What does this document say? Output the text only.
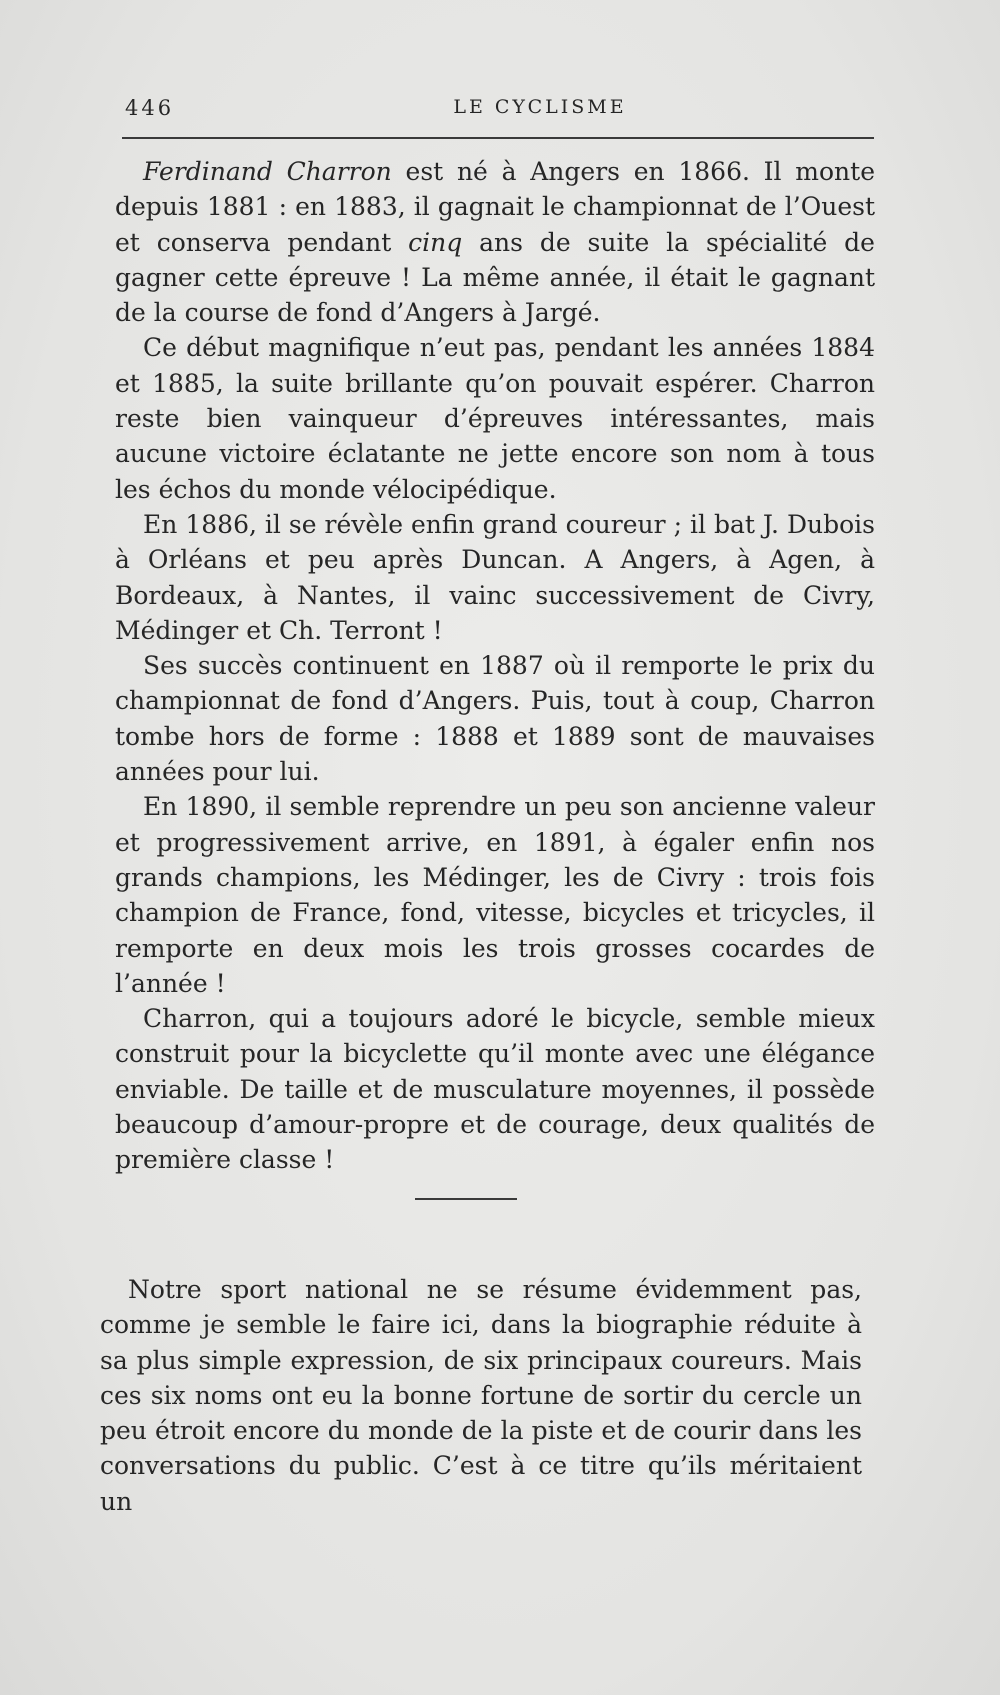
446	LE CYCLISME

Ferdinand Charron est né à Angers en 1866. Il monte depuis 1881 : en 1883, il gagnait le championnat de l’Ouest et conserva pendant cinq ans de suite la spécialité de gagner cette épreuve ! La même année, il était le gagnant de la course de fond d’Angers à Jargé.

Ce début magnifique n’eut pas, pendant les années 1884 et 1885, la suite brillante qu’on pouvait espérer. Charron reste bien vainqueur d’épreuves intéressantes, mais aucune victoire éclatante ne jette encore son nom à tous les échos du monde vélocipédique.

En 1886, il se révèle enfin grand coureur ; il bat J. Dubois à Orléans et peu après Duncan. A Angers, à Agen, à Bordeaux, à Nantes, il vainc successivement de Civry, Médinger et Ch. Terront !

Ses succès continuent en 1887 où il remporte le prix du championnat de fond d’Angers. Puis, tout à coup, Charron tombe hors de forme : 1888 et 1889 sont de mauvaises années pour lui.

En 1890, il semble reprendre un peu son ancienne valeur et progressivement arrive, en 1891, à égaler enfin nos grands champions, les Médinger, les de Civry : trois fois champion de France, fond, vitesse, bicycles et tricycles, il remporte en deux mois les trois grosses cocardes de l’année !

Charron, qui a toujours adoré le bicycle, semble mieux construit pour la bicyclette qu’il monte avec une élégance enviable. De taille et de musculature moyennes, il possède beaucoup d’amour-propre et de courage, deux qualités de première classe !

Notre sport national ne se résume évidemment pas, comme je semble le faire ici, dans la biographie réduite à sa plus simple expression, de six principaux coureurs. Mais ces six noms ont eu la bonne fortune de sortir du cercle un peu étroit encore du monde de la piste et de courir dans les conversations du public. C’est à ce titre qu’ils méritaient un
